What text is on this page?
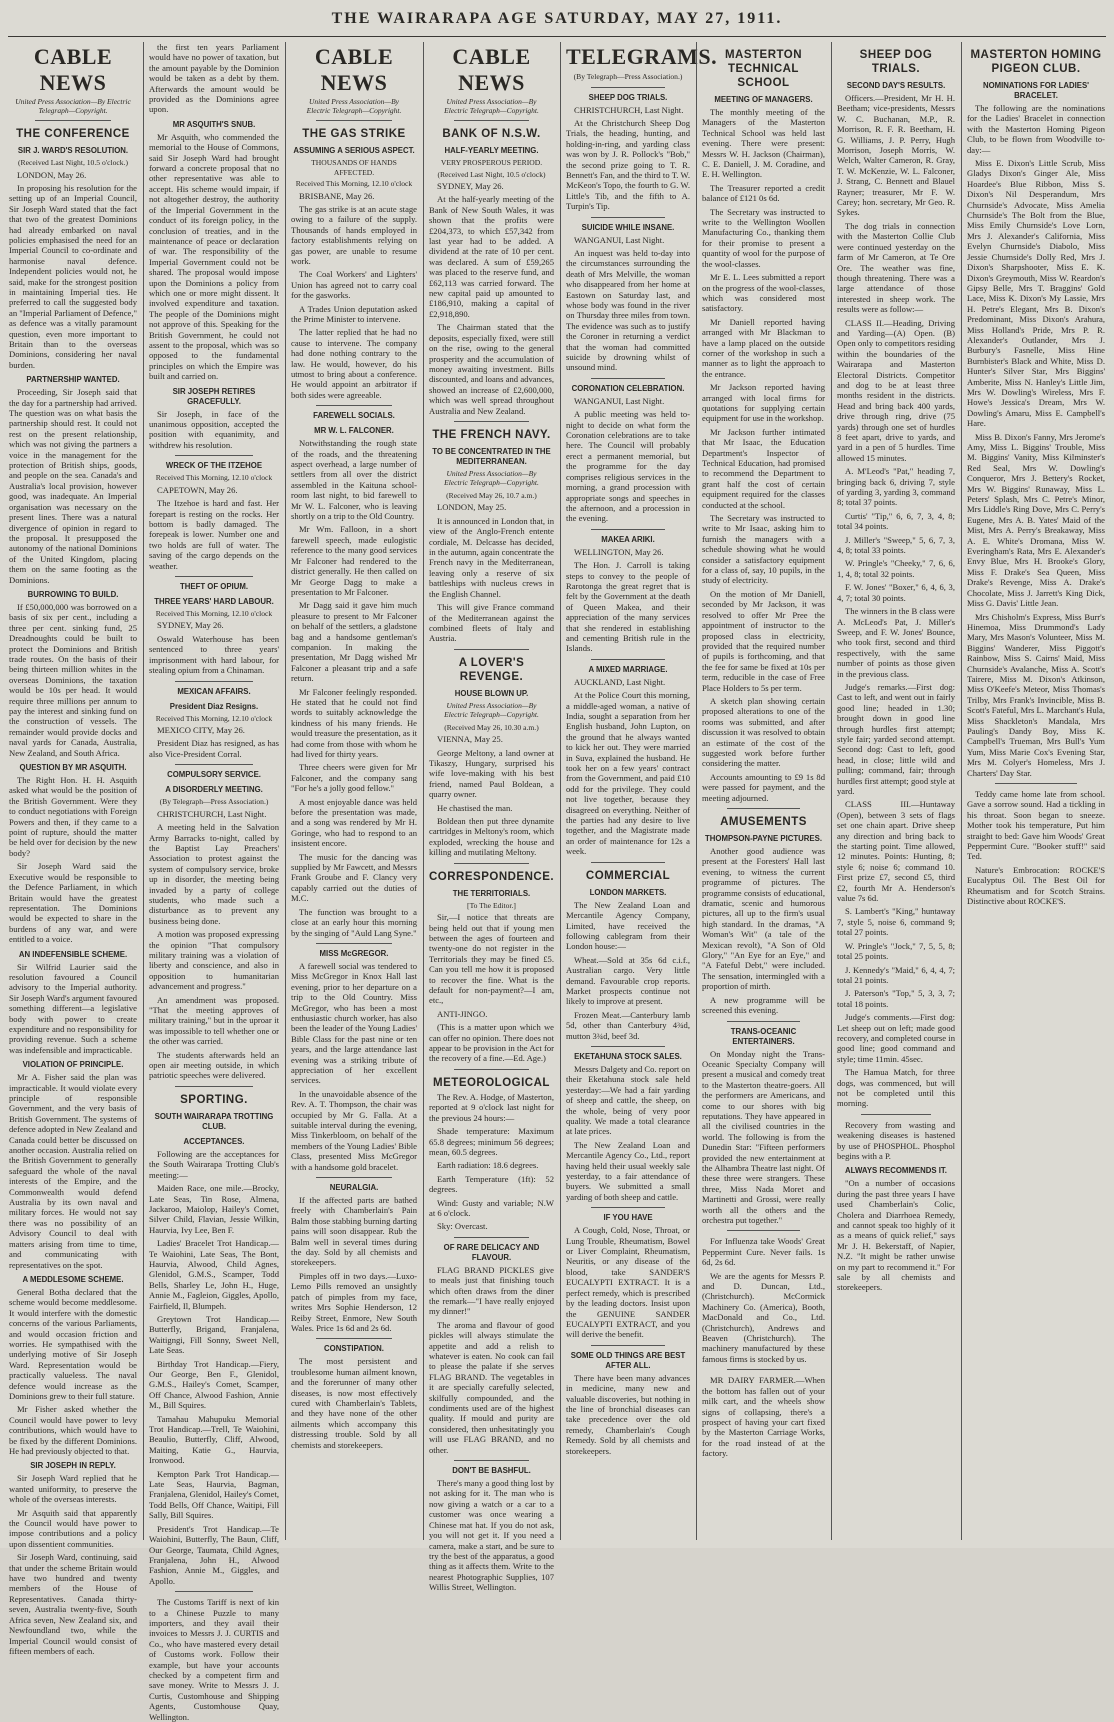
THE WAIRARAPA AGE SATURDAY, MAY 27, 1911.
CABLE NEWS
United Press Association—By Electric Telegraph—Copyright.
THE CONFERENCE
SIR J. WARD'S RESOLUTION.
(Received Last Night, 10.5 o'clock.)

LONDON, May 26.

In proposing his resolution for the setting up of an Imperial Council, Sir Joseph Ward stated that the fact that two of the greatest Dominions had already embarked on naval policies emphasised the need for an Imperial Council to co-ordinate and harmonise naval defence. Independent policies would not, he said, make for the strongest position in maintaining Imperial ties. He preferred to call the suggested body an "Imperial Parliament of Defence," as defence was a vitally paramount question, even more important to Britain than to the overseas Dominions, considering her naval burden.

PARTNERSHIP WANTED.

Proceeding, Sir Joseph said that the day for a partnership had arrived. The question was on what basis the partnership should rest. It could not rest on the present relationship, which was not giving the partners a voice in the management for the protection of British ships, goods, and people on the sea. Canada's and Australia's local provision, however good, was inadequate. An Imperial organisation was necessary on the present lines. There was a natural divergence of opinion in regard to the proposal. It presupposed the autonomy of the national Dominions of the United Kingdom, placing them on the same footing as the Dominions.

BURROWING TO BUILD.

If £50,000,000 was borrowed on a basis of six per cent., including a three per cent. sinking fund, 25 Dreadnoughts could be built to protect the Dominions and British trade routes. On the basis of their being thirteen million whites in the overseas Dominions, the taxation would be 10s per head. It would require three millions per annum to pay the interest and sinking fund on the construction of vessels. The remainder would provide docks and naval yards for Canada, Australia, New Zealand, and South Africa.

QUESTION BY MR ASQUITH.

The Right Hon. H. H. Asquith asked what would be the position of the British Government. Were they to conduct negotiations with Foreign Powers and then, if they came to a point of rupture, should the matter be held over for decision by the new body?

Sir Joseph Ward said the Executive would be responsible to the Defence Parliament, in which Britain would have the greatest representation. The Dominions would be expected to share in the burdens of any war, and were entitled to a voice.

AN INDEFENSIBLE SCHEME.

Sir Wilfrid Laurier said the resolution favoured a Council advisory to the Imperial authority. Sir Joseph Ward's argument favoured something different—a legislative body with power to create expenditure and no responsibility for providing revenue. Such a scheme was indefensible and impracticable.

VIOLATION OF PRINCIPLE.

Mr A. Fisher said the plan was impracticable. It would violate every principle of responsible Government, and the very basis of British Government. The systems of defence adopted in New Zealand and Canada could better be discussed on another occasion. Australia relied on the British Government to generally safeguard the whole of the naval interests of the Empire, and the Commonwealth would defend Australia by its own naval and military forces. He would not say there was no possibility of an Advisory Council to deal with matters arising from time to time, and communicating with representatives on the spot.

A MEDDLESOME SCHEME.

General Botha declared that the scheme would become meddlesome. It would interfere with the domestic concerns of the various Parliaments, and would occasion friction and worries. He sympathised with the underlying motive of Sir Joseph Ward. Representation would be practically valueless. The naval defence would increase as the Dominions grew to their full stature.

Mr Fisher asked whether the Council would have power to levy contributions, which would have to be fixed by the different Dominions. He had previously objected to that.

SIR JOSEPH IN REPLY.

Sir Joseph Ward replied that he wanted uniformity, to preserve the whole of the overseas interests.

Mr Asquith said that apparently the Council would have power to impose contributions and a policy upon dissentient communities.

Sir Joseph Ward, continuing, said that under the scheme Britain would have two hundred and twenty members of the House of Representatives. Canada thirty-seven, Australia twenty-five, South Africa seven, New Zealand six, and Newfoundland two, while the Imperial Council would consist of fifteen members of each.

the first ten years Parliament would have no power of taxation, but the amount payable by the Dominion would be taken as a debt by them. Afterwards the amount would be provided as the Dominions agree upon.

MR ASQUITH'S SNUB.

Mr Asquith, who commended the memorial to the House of Commons, said Sir Joseph Ward had brought forward a concrete proposal that no other representative was able to accept. His scheme would impair, if not altogether destroy, the authority of the Imperial Government in the conduct of its foreign policy, in the conclusion of treaties, and in the maintenance of peace or declaration of war. The responsibility of the Imperial Government could not be shared. The proposal would impose upon the Dominions a policy from which one or more might dissent. It involved expenditure and taxation. The people of the Dominions might not approve of this. Speaking for the British Government, he could not assent to the proposal, which was so opposed to the fundamental principles on which the Empire was built and carried on.

SIR JOSEPH RETIRES GRACEFULLY.

Sir Joseph, in face of the unanimous opposition, accepted the position with equanimity, and withdrew his resolution.

WRECK OF THE ITZEHOE
Received This Morning, 12.10 o'clock

CAPETOWN, May 26.

The Itzehoe is hard and fast. Her forepart is resting on the rocks. Her bottom is badly damaged. The forepeak is lower. Number one and two holds are full of water. The saving of the cargo depends on the weather.

THEFT OF OPIUM.
THREE YEARS' HARD LABOUR.
Received This Morning, 12.10 o'clock

SYDNEY, May 26.

Oswald Waterhouse has been sentenced to three years' imprisonment with hard labour, for stealing opium from a Chinaman.

MEXICAN AFFAIRS.
President Diaz Resigns.
Received This Morning, 12.10 o'clock

MEXICO CITY, May 26.

President Diaz has resigned, as has also Vice-President Corral.

COMPULSORY SERVICE.
A DISORDERLY MEETING.
(By Telegraph—Press Association.)

CHRISTCHURCH, Last Night.

A meeting held in the Salvation Army Barracks to-night, called by the Baptist Lay Preachers' Association to protest against the system of compulsory service, broke up in disorder, the meeting being invaded by a party of college students, who made such a disturbance as to prevent any business being done.

A motion was proposed expressing the opinion "That compulsory military training was a violation of liberty and conscience, and also in opposition to humanitarian advancement and progress."

An amendment was proposed. "That the meeting approves of military training," but in the uproar it was impossible to tell whether one or the other was carried.

The students afterwards held an open air meeting outside, in which patriotic speeches were delivered.

SPORTING.
SOUTH WAIRARAPA TROTTING CLUB.
ACCEPTANCES.

Following are the acceptances for the South Wairarapa Trotting Club's meeting:—

Maiden Race, one mile.—Brocky, Late Seas, Tin Rose, Almena, Jackaroo, Maiolop, Hailey's Comet, Silver Child, Flavian, Jessie Wilkin, Haurvia, Ivy Lee, Ben F.

Ladies' Bracelet Trot Handicap.—Te Waiohini, Late Seas, The Bont, Haurvia, Alwood, Child Agnes, Glenidol, G.M.S., Scamper, Todd Bells, Sharley Le, John H., Huge, Annie M., Fagleion, Giggles, Apollo, Fairfield, Il, Blumpeh.

Greytown Trot Handicap.—Butterfly, Brigand, Franjalena, Waitigngi, Fill Sonny, Sweet Nell, Late Seas.

Birthday Trot Handicap.—Fiery, Our George, Ben F., Glenidol, G.M.S., Hailey's Comet, Scamper, Off Chance, Alwood Fashion, Annie M., Bill Squires.

Tamahau Mahupuku Memorial Trot Handicap.—Trell, Te Waiohini, Beaulio, Butterfly, Cliff, Alwood, Maiting, Katie G., Haurvia, Ironwood.

Kempton Park Trot Handicap.—Late Seas, Haurvia, Bagman, Franjalena, Glenidol, Hailey's Comet, Todd Bells, Off Chance, Waitipi, Fill Sally, Bill Squires.

President's Trot Handicap.—Te Waiohini, Butterfly, The Baun, Cliff, Our George, Taumata, Child Agnes, Franjalena, John H., Alwood Fashion, Annie M., Giggles, and Apollo.

The Customs Tariff is next of kin to a Chinese Puzzle to many importers, and they avail their invoices to Messrs J. J. CURTIS and Co., who have mastered every detail of Customs work. Follow their example, but have your accounts checked by a competent firm and save money. Write to Messrs J. J. Curtis, Customhouse and Shipping Agents, Customhouse Quay, Wellington.

CABLE NEWS
United Press Association—By Electric Telegraph—Copyright.
THE GAS STRIKE
ASSUMING A SERIOUS ASPECT.
THOUSANDS OF HANDS AFFECTED.
Received This Morning, 12.10 o'clock

BRISBANE, May 26.

The gas strike is at an acute stage owing to a failure of the supply. Thousands of hands employed in factory establishments relying on gas power, are unable to resume work.

The Coal Workers' and Lighters' Union has agreed not to carry coal for the gasworks.

A Trades Union deputation asked the Prime Minister to intervene.

The latter replied that he had no cause to intervene. The company had done nothing contrary to the law. He would, however, do his utmost to bring about a conference. He would appoint an arbitrator if both sides were agreeable.

FAREWELL SOCIALS.
MR W. L. FALCONER.

Notwithstanding the rough state of the roads, and the threatening aspect overhead, a large number of settlers from all over the district assembled in the Kaituna school-room last night, to bid farewell to Mr W. L. Falconer, who is leaving shortly on a trip to the Old Country.

Mr Wm. Falloon, in a short farewell speech, made eulogistic reference to the many good services Mr Falconer had rendered to the district generally. He then called on Mr George Dagg to make a presentation to Mr Falconer.

Mr Dagg said it gave him much pleasure to present to Mr Falconer on behalf of the settlers, a gladstone bag and a handsome gentleman's companion. In making the presentation, Mr Dagg wished Mr Falconer a pleasant trip and a safe return.

Mr Falconer feelingly responded. He stated that he could not find words to suitably acknowledge the kindness of his many friends. He would treasure the presentation, as it had come from those with whom he had lived for thirty years.

Three cheers were given for Mr Falconer, and the company sang "For he's a jolly good fellow."

A most enjoyable dance was held before the presentation was made, and a song was rendered by Mr H. Goringe, who had to respond to an insistent encore.

The music for the dancing was supplied by Mr Fawcett, and Messrs Frank Groube and F. Clancy very capably carried out the duties of M.C.

The function was brought to a close at an early hour this morning by the singing of "Auld Lang Syne."

MISS McGREGOR.

A farewell social was tendered to Miss McGregor in Knox Hall last evening, prior to her departure on a trip to the Old Country. Miss McGregor, who has been a most enthusiastic church worker, has also been the leader of the Young Ladies' Bible Class for the past nine or ten years, and the large attendance last evening was a striking tribute of appreciation of her excellent services.

In the unavoidable absence of the Rev. A. T. Thompson, the chair was occupied by Mr G. Falla. At a suitable interval during the evening, Miss Tinkerbloom, on behalf of the members of the Young Ladies' Bible Class, presented Miss McGregor with a handsome gold bracelet.

NEURALGIA.

If the affected parts are bathed freely with Chamberlain's Pain Balm those stabbing burning darting pains will soon disappear. Rub the Balm well in several times during the day. Sold by all chemists and storekeepers.

Pimples off in two days.—Luxo-Lemo Pills removed an unsightly patch of pimples from my face, writes Mrs Sophie Henderson, 12 Reiby Street, Enmore, New South Wales. Price 1s 6d and 2s 6d.

CONSTIPATION.

The most persistent and troublesome human ailment known, and the forerunner of many other diseases, is now most effectively cured with Chamberlain's Tablets, and they have none of the other ailments which accompany this distressing trouble. Sold by all chemists and storekeepers.

CABLE NEWS
United Press Association—By Electric Telegraph—Copyright.
BANK OF N.S.W.
HALF-YEARLY MEETING.
VERY PROSPEROUS PERIOD.
(Received Last Night, 10.5 o'clock)

SYDNEY, May 26.

At the half-yearly meeting of the Bank of New South Wales, it was shown that the profits were £204,373, to which £57,342 from last year had to be added. A dividend at the rate of 10 per cent. was declared. A sum of £59,265 was placed to the reserve fund, and £62,113 was carried forward. The new capital paid up amounted to £186,910, making a capital of £2,918,890.

The Chairman stated that the deposits, especially fixed, were still on the rise, owing to the general prosperity and the accumulation of money awaiting investment. Bills discounted, and loans and advances, showed an increase of £2,600,000, which was well spread throughout Australia and New Zealand.

THE FRENCH NAVY.
TO BE CONCENTRATED IN THE MEDITERRANEAN.
United Press Association—By Electric Telegraph—Copyright.
(Received May 26, 10.7 a.m.)

LONDON, May 25.

It is announced in London that, in view of the Anglo-French entente cordiale, M. Delcasse has decided, in the autumn, again concentrate the French navy in the Mediterranean, leaving only a reserve of six battleships with nucleus crews in the English Channel.

This will give France command of the Mediterranean against the combined fleets of Italy and Austria.

A LOVER'S REVENGE.
HOUSE BLOWN UP.
United Press Association—By Electric Telegraph—Copyright.
(Received May 26, 10.30 a.m.)

VIENNA, May 25.

George Meltony, a land owner at Tikaszy, Hungary, surprised his wife love-making with his best friend, named Paul Boldean, a quarry owner.

He chastised the man.

Boldean then put three dynamite cartridges in Meltony's room, which exploded, wrecking the house and killing and mutilating Meltony.

CORRESPONDENCE.
THE TERRITORIALS.
[To The Editor.]

Sir,—I notice that threats are being held out that if young men between the ages of fourteen and twenty-one do not register in the Territorials they may be fined £5. Can you tell me how it is proposed to recover the fine. What is the default for non-payment?—I am, etc.,

ANTI-JINGO.

(This is a matter upon which we can offer no opinion. There does not appear to be provision in the Act for the recovery of a fine.—Ed. Age.)

METEOROLOGICAL

The Rev. A. Hodge, of Masterton, reported at 9 o'clock last night for the previous 24 hours:—

Shade temperature: Maximum 65.8 degrees; minimum 56 degrees; mean, 60.5 degrees.

Earth radiation: 18.6 degrees.

Earth Temperature (1ft): 52 degrees.

Wind: Gusty and variable; N.W at 6 o'clock.

Sky: Overcast.

OF RARE DELICACY AND FLAVOUR.

FLAG BRAND PICKLES give to meals just that finishing touch which often draws from the diner the remark—"I have really enjoyed my dinner!"

The aroma and flavour of good pickles will always stimulate the appetite and add a relish to whatever is eaten. No cook can fail to please the palate if she serves FLAG BRAND. The vegetables in it are specially carefully selected, skilfully compounded, and the condiments used are of the highest quality. If mould and purity are considered, then unhesitatingly you will use FLAG BRAND, and no other.

DON'T BE BASHFUL.

There's many a good thing lost by not asking for it. The man who is now giving a watch or a car to a customer was once wearing a Chinese mat hat. If you do not ask, you will not get it. If you need a camera, make a start, and be sure to try the best of the apparatus, a good thing as it affects them. Write to the nearest Photographic Supplies, 107 Willis Street, Wellington.

TELEGRAMS.
(By Telegraph—Press Association.)
SHEEP DOG TRIALS.

CHRISTCHURCH, Last Night.

At the Christchurch Sheep Dog Trials, the heading, hunting, and holding-in-ring, and yarding class was won by J. R. Pollock's "Bob," the second prize going to T. R. Bennett's Fan, and the third to T. W. McKeon's Topo, the fourth to G. W. Little's Tib, and the fifth to A. Turpin's Tip.

SUICIDE WHILE INSANE.

WANGANUI, Last Night.

An inquest was held to-day into the circumstances surrounding the death of Mrs Melville, the woman who disappeared from her home at Eastown on Saturday last, and whose body was found in the river on Thursday three miles from town. The evidence was such as to justify the Coroner in returning a verdict that the woman had committed suicide by drowning whilst of unsound mind.

CORONATION CELEBRATION.

WANGANUI, Last Night.

A public meeting was held to-night to decide on what form the Coronation celebrations are to take here. The Council will probably erect a permanent memorial, but the programme for the day comprises religious services in the morning, a grand procession with appropriate songs and speeches in the afternoon, and a procession in the evening.

MAKEA ARIKI.

WELLINGTON, May 26.

The Hon. J. Carroll is taking steps to convey to the people of Rarotonga the great regret that is felt by the Government at the death of Queen Makea, and their appreciation of the many services that she rendered in establishing and cementing British rule in the Islands.

A MIXED MARRIAGE.

AUCKLAND, Last Night.

At the Police Court this morning, a middle-aged woman, a native of India, sought a separation from her English husband, John Lupton, on the ground that he always wanted to kick her out. They were married in Suva, explained the husband. He took her on a few years' contract from the Government, and paid £10 odd for the privilege. They could not live together, because they disagreed on everything. Neither of the parties had any desire to live together, and the Magistrate made an order of maintenance for 12s a week.

COMMERCIAL
LONDON MARKETS.

The New Zealand Loan and Mercantile Agency Company, Limited, have received the following cablegram from their London house:—

Wheat.—Sold at 35s 6d c.i.f., Australian cargo. Very little demand. Favourable crop reports. Market prospects continue not likely to improve at present.

Frozen Meat.—Canterbury lamb 5d, other than Canterbury 4¾d, mutton 3¾d, beef 3d.

EKETAHUNA STOCK SALES.

Messrs Dalgety and Co. report on their Eketahuna stock sale held yesterday:—We had a fair yarding of sheep and cattle, the sheep, on the whole, being of very poor quality. We made a total clearance at late prices.

The New Zealand Loan and Mercantile Agency Co., Ltd., report having held their usual weekly sale yesterday, to a fair attendance of buyers. We submitted a small yarding of both sheep and cattle.

IF YOU HAVE

A Cough, Cold, Nose, Throat, or Lung Trouble, Rheumatism, Bowel or Liver Complaint, Rheumatism, Neuritis, or any disease of the blood, take SANDER'S EUCALYPTI EXTRACT. It is a perfect remedy, which is prescribed by the leading doctors. Insist upon the GENUINE SANDER EUCALYPTI EXTRACT, and you will derive the benefit.

SOME OLD THINGS ARE BEST AFTER ALL.

There have been many advances in medicine, many new and valuable discoveries, but nothing in the line of bronchial diseases can take precedence over the old remedy, Chamberlain's Cough Remedy. Sold by all chemists and storekeepers.

MASTERTON TECHNICAL SCHOOL
MEETING OF MANAGERS.

The monthly meeting of the Managers of the Masterton Technical School was held last evening. There were present: Messrs W. H. Jackson (Chairman), C. E. Daniell, J. M. Coradine, and E. H. Wellington.

The Treasurer reported a credit balance of £121 0s 6d.

The Secretary was instructed to write to the Wellington Woollen Manufacturing Co., thanking them for their promise to present a quantity of wool for the purpose of the wool-classes.

Mr E. L. Lees submitted a report on the progress of the wool-classes, which was considered most satisfactory.

Mr Daniell reported having arranged with Mr Blackman to have a lamp placed on the outside corner of the workshop in such a manner as to light the approach to the entrance.

Mr Jackson reported having arranged with local firms for quotations for supplying certain equipment for use in the workshop.

Mr Jackson further intimated that Mr Isaac, the Education Department's Inspector of Technical Education, had promised to recommend the Department to grant half the cost of certain equipment required for the classes conducted at the school.

The Secretary was instructed to write to Mr Isaac, asking him to furnish the managers with a schedule showing what he would consider a satisfactory equipment for a class of, say, 10 pupils, in the study of electricity.

On the motion of Mr Daniell, seconded by Mr Jackson, it was resolved to offer Mr Pree the appointment of instructor to the proposed class in electricity, provided that the required number of pupils is forthcoming, and that the fee for same be fixed at 10s per term, reducible in the case of Free Place Holders to 5s per term.

A sketch plan showing certain proposed alterations to one of the rooms was submitted, and after discussion it was resolved to obtain an estimate of the cost of the suggested work before further considering the matter.

Accounts amounting to £9 1s 8d were passed for payment, and the meeting adjourned.

AMUSEMENTS
THOMPSON-PAYNE PICTURES.

Another good audience was present at the Foresters' Hall last evening, to witness the current programme of pictures. The programme consists of educational, dramatic, scenic and humorous pictures, all up to the firm's usual high standard. In the dramas, "A Woman's Wit" (a tale of the Mexican revolt), "A Son of Old Glory," "An Eye for an Eye," and "A Fateful Debt," were included. The sensation, intermingled with a proportion of mirth.

A new programme will be screened this evening.

TRANS-OCEANIC ENTERTAINERS.

On Monday night the Trans-Oceanic Specialty Company will present a musical and comedy treat to the Masterton theatre-goers. All the performers are Americans, and come to our shores with big reputations. They have appeared in all the civilised countries in the world. The following is from the Dunedin Star: "Fifteen performers provided the new entertainment at the Alhambra Theatre last night. Of these three were strangers. These three, Miss Nada Moret and Martinetti and Grossi, were really worth all the others and the orchestra put together."

For Influenza take Woods' Great Peppermint Cure. Never fails. 1s 6d, 2s 6d.

We are the agents for Messrs P. and D. Duncan, Ltd., (Christchurch). McCormick Machinery Co. (America), Booth, MacDonald and Co., Ltd. (Christchurch), Andrews and Beaven (Christchurch). The machinery manufactured by these famous firms is stocked by us.

MR DAIRY FARMER.—When the bottom has fallen out of your milk cart, and the wheels show signs of collapsing, there's a prospect of having your cart fixed by the Masterton Carriage Works, for the road instead of at the factory.

SHEEP DOG TRIALS.
SECOND DAY'S RESULTS.

Officers.—President, Mr H. H. Beetham; vice-presidents, Messrs W. C. Buchanan, M.P., R. Morrison, R. F. R. Beetham, H. G. Williams, J. P. Perry, Hugh Morrison, Joseph Morris, W. Welch, Walter Cameron, R. Gray, T. W. McKenzie, W. L. Falconer, J. Strang, C. Bennett and Blauel Rayner; treasurer, Mr F. W. Carey; hon. secretary, Mr Geo. R. Sykes.

The dog trials in connection with the Masterton Collie Club were continued yesterday on the farm of Mr Cameron, at Te Ore Ore. The weather was fine, though threatening. There was a large attendance of those interested in sheep work. The results were as follow:—

CLASS II.—Heading, Driving and Yarding—(A) Open. (B) Open only to competitors residing within the boundaries of the Wairarapa and Masterton Electoral Districts. Competitor and dog to be at least three months resident in the districts. Head and bring back 400 yards, drive through ring, drive (75 yards) through one set of hurdles 8 feet apart, drive to yards, and yard in a pen of 5 hurdles. Time allowed 15 minutes.

A. M'Leod's "Pat," heading 7, bringing back 6, driving 7, style of yarding 3, yarding 3, command 8; total 37 points.

Curtis' "Tip," 6, 6, 7, 3, 4, 8; total 34 points.

J. Miller's "Sweep," 5, 6, 7, 3, 4, 8; total 33 points.

W. Pringle's "Cheeky," 7, 6, 6, 1, 4, 8; total 32 points.

F. W. Jones' "Boxer," 6, 4, 6, 3, 4, 7; total 30 points.

The winners in the B class were A. McLeod's Pat, J. Miller's Sweep, and F. W. Jones' Bounce, who took first, second and third respectively, with the same number of points as those given in the previous class.

Judge's remarks.—First dog: Cast to left, and went out in fairly good line; headed in 1.30; brought down in good line through hurdles first attempt; style fair; yarded second attempt. Second dog: Cast to left, good head, in close; little wild and pulling; command, fair; through hurdles first attempt; good style at yard.

CLASS III.—Huntaway (Open), between 3 sets of flags set one chain apart. Drive sheep any direction and bring back to the starting point. Time allowed, 12 minutes. Points: Hunting, 8; style 6; noise 6; command 10. First prize £7, second £5, third £2, fourth Mr A. Henderson's value 7s 6d.

S. Lambert's "King," huntaway 7, style 5, noise 6, command 9; total 27 points.

W. Pringle's "Jock," 7, 5, 5, 8; total 25 points.

J. Kennedy's "Maid," 6, 4, 4, 7; total 21 points.

J. Paterson's "Top," 5, 3, 3, 7; total 18 points.

Judge's comments.—First dog: Let sheep out on left; made good recovery, and completed course in good line; good command and style; time 11min. 45sec.

The Hamua Match, for three dogs, was commenced, but will not be completed until this morning.

Recovery from wasting and weakening diseases is hastened by use of PHOSPHOL. Phosphol begins with a P.

ALWAYS RECOMMENDS IT.

"On a number of occasions during the past three years I have used Chamberlain's Colic, Cholera and Diarrhoea Remedy, and cannot speak too highly of it as a means of quick relief," says Mr J. H. Bekerstaff, of Napier, N.Z. "It might be rather unwise on my part to recommend it." For sale by all chemists and storekeepers.

MASTERTON HOMING PIGEON CLUB.
NOMINATIONS FOR LADIES' BRACELET.

The following are the nominations for the Ladies' Bracelet in connection with the Masterton Homing Pigeon Club, to be flown from Woodville to-day:—

Miss E. Dixon's Little Scrub, Miss Gladys Dixon's Ginger Ale, Miss Hoardee's Blue Ribbon, Miss S. Dixon's Nil Desperandum, Mrs Churnside's Advocate, Miss Amelia Churnside's The Bolt from the Blue, Miss Emily Churnside's Love Lorn, Mrs J. Alexander's California, Miss Evelyn Churnside's Diabolo, Miss Jessie Churnside's Dolly Red, Mrs J. Dixon's Sharpshooter, Miss E. K. Dixon's Greymouth, Miss W. Reardon's Gipsy Belle, Mrs T. Braggins' Gold Lace, Miss K. Dixon's My Lassie, Mrs H. Petre's Elegant, Mrs B. Dixon's Predominant, Miss Dixon's Arahura, Miss Holland's Pride, Mrs P. R. Alexander's Outlander, Mrs J. Burbury's Fasnelle, Miss Hine Burnbister's Black and White, Miss D. Hunter's Silver Star, Mrs Biggins' Amberite, Miss N. Hanley's Little Jim, Mrs W. Dowling's Wireless, Mrs F. Howe's Jessica's Dream, Mrs W. Dowling's Amaru, Miss E. Campbell's Hare.

Miss B. Dixon's Fanny, Mrs Jerome's Amy, Miss L. Biggins' Trouble, Miss M. Biggins' Vanity, Miss Kilminster's Red Seal, Mrs W. Dowling's Conqueror, Mrs J. Bettery's Rocket, Mrs W. Biggins' Runaway, Miss L. Peters' Splash, Mrs C. Petre's Minor, Mrs Liddle's Ring Dove, Mrs C. Perry's Eugene, Mrs A. B. Yates' Maid of the Mist, Mrs A. Perry's Breakaway, Miss A. E. White's Dromana, Miss W. Everingham's Rata, Mrs E. Alexander's Envy Blue, Mrs H. Brooke's Glory, Miss F. Drake's Sea Queen, Miss Drake's Revenge, Miss A. Drake's Chocolate, Miss J. Jarrett's King Dick, Miss G. Davis' Little Jean.

Mrs Chisholm's Express, Miss Burr's Hinemoa, Miss Drummond's Lady Mary, Mrs Mason's Volunteer, Miss M. Biggins' Wanderer, Miss Piggott's Rainbow, Miss S. Cairns' Maid, Miss Churnside's Avalanche, Miss A. Scott's Tairere, Miss M. Dixon's Atkinson, Miss O'Keefe's Meteor, Miss Thomas's Trilby, Mrs Frank's Invincible, Miss B. Scott's Fateful, Mrs L. Marchant's Hula, Miss Shackleton's Mandala, Mrs Pauling's Dandy Boy, Miss K. Campbell's Trueman, Mrs Bull's Yum Yum, Miss Marie Cox's Evening Star, Mrs M. Colyer's Homeless, Mrs J. Charters' Day Star.

Teddy came home late from school. Gave a sorrow sound. Had a tickling in his throat. Soon began to sneeze. Mother took his temperature, Put him straight to bed: Gave him Woods' Great Peppermint Cure. "Booker stuff!" said Ted.

Nature's Embrocation: ROCKE'S Eucalyptus Oil. The Best Oil for Rheumatism and for Scotch Strains. Distinctive about ROCKE'S.
